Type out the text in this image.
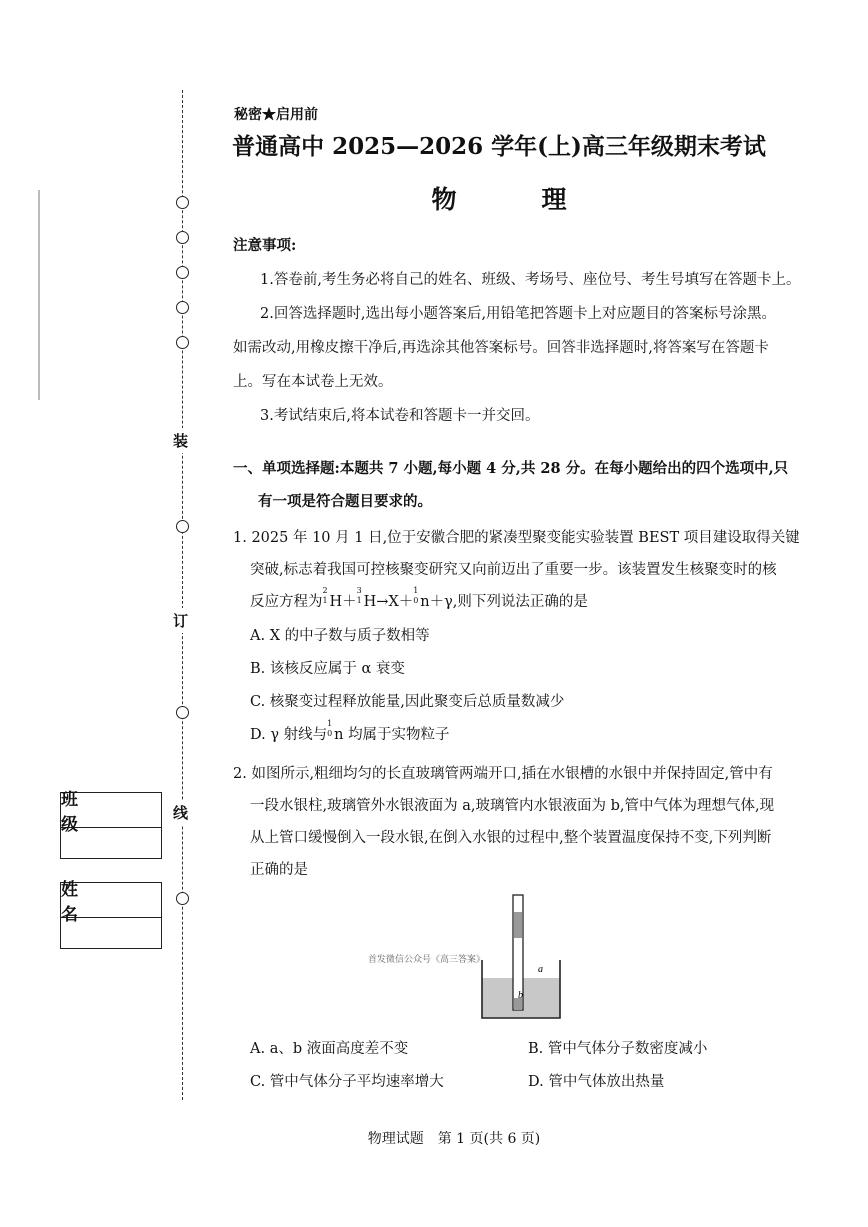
装
订
线
班　级
姓　名
秘密★启用前
普通高中 2025—2026 学年(上)高三年级期末考试
物　理
注意事项:
1.答卷前,考生务必将自己的姓名、班级、考场号、座位号、考生号填写在答题卡上。
2.回答选择题时,选出每小题答案后,用铅笔把答题卡上对应题目的答案标号涂黑。
如需改动,用橡皮擦干净后,再选涂其他答案标号。回答非选择题时,将答案写在答题卡
上。写在本试卷上无效。
3.考试结束后,将本试卷和答题卡一并交回。
一、单项选择题:本题共 7 小题,每小题 4 分,共 28 分。在每小题给出的四个选项中,只
有一项是符合题目要求的。
1. 2025 年 10 月 1 日,位于安徽合肥的紧凑型聚变能实验装置 BEST 项目建设取得关键
突破,标志着我国可控核聚变研究又向前迈出了重要一步。该装置发生核聚变时的核
反应方程为
2
1 H＋
3
1 H→X＋
1
0 n＋γ,则下列说法正确的是
A. X 的中子数与质子数相等
B. 该核反应属于 α 衰变
C. 核聚变过程释放能量,因此聚变后总质量数减少
D. γ 射线与
1
0 n 均属于实物粒子
2. 如图所示,粗细均匀的长直玻璃管两端开口,插在水银槽的水银中并保持固定,管中有
一段水银柱,玻璃管外水银液面为 a,玻璃管内水银液面为 b,管中气体为理想气体,现
从上管口缓慢倒入一段水银,在倒入水银的过程中,整个装置温度保持不变,下列判断
正确的是
a
b
首发微信公众号《高三答案》
A. a、b 液面高度差不变	B. 管中气体分子数密度减小
C. 管中气体分子平均速率增大	D. 管中气体放出热量
物理试题　第 1 页(共 6 页)
